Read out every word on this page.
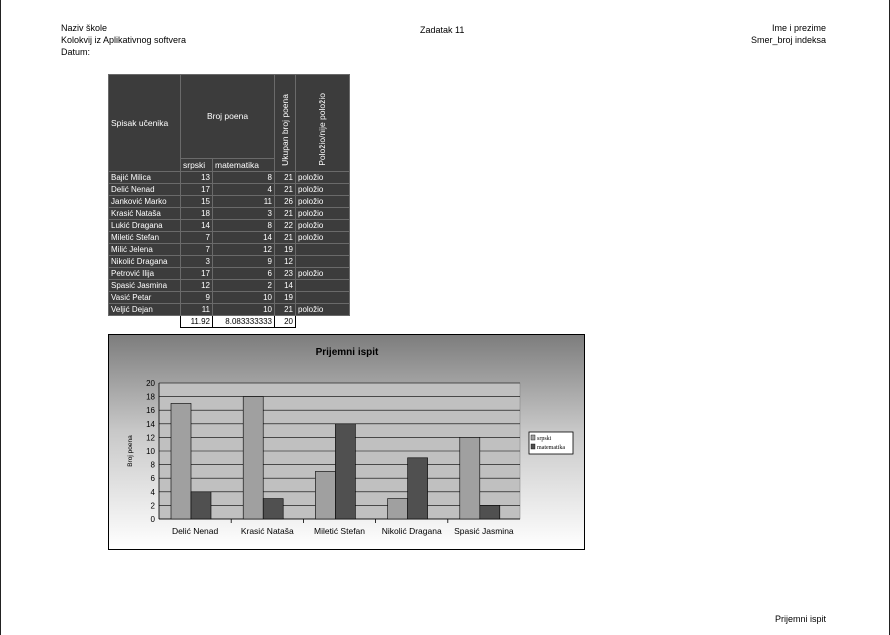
Naziv škole
Kolokvij iz Aplikativnog softvera
Datum:
Zadatak 11	Ime i prezime
Smer_broj indeksa
Spisak učenika	Broj poena		Ukupan broj poena	Položio/nije položio
	srpski	matematika		
Bajić Milica	13	8	21	položio
Delić Nenad	17	4	21	položio
Janković Marko	15	11	26	položio
Krasić Nataša	18	3	21	položio
Lukić Dragana	14	8	22	položio
Miletić Stefan	7	14	21	položio
Milić Jelena	7	12	19	
Nikolić Dragana	3	9	12	
Petrović Ilija	17	6	23	položio
Spasić Jasmina	12	2	14	
Vasić Petar	9	10	19	
Veljić Dejan	11	10	21	položio
	11.92	8.083333333	20	
Prijemni ispit
0
2
4
6
8
10
12
14
16
18
20
Broj poena
Delić Nenad	Krasić Nataša Miletić Stefan Nikolić Dragana Spasić Jasmina
srpski
matematika
Prijemni ispit
